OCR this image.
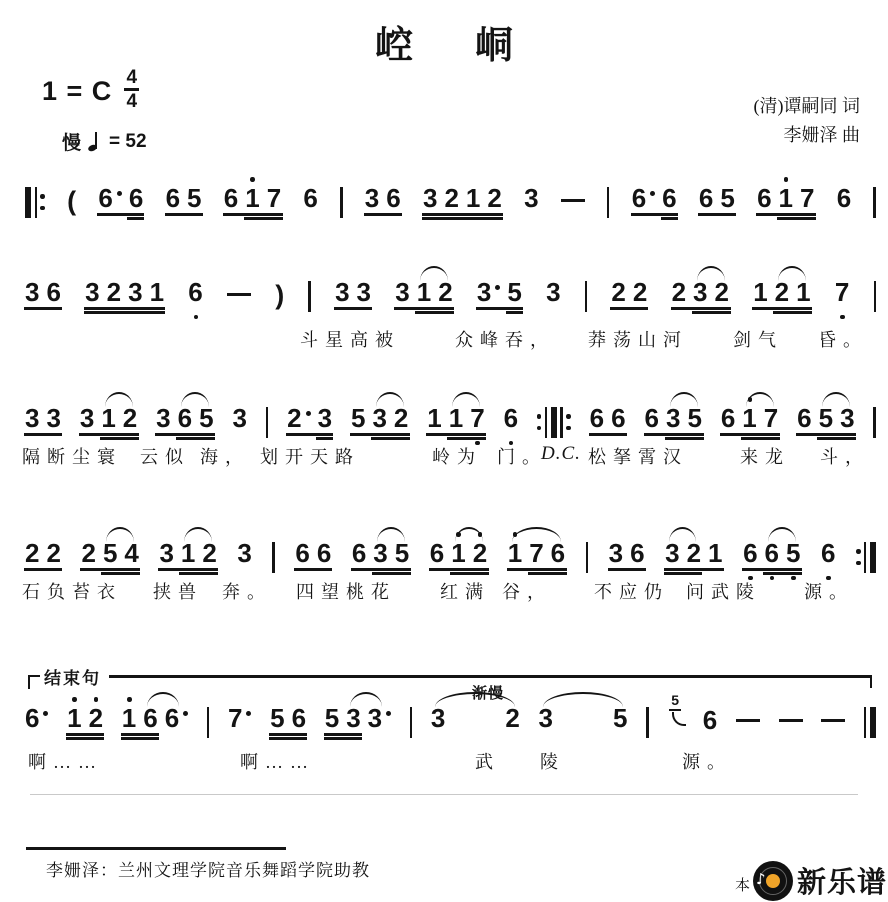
崆 峒
1 = C 4
4
慢 = 52
(清)谭嗣同 词
李姗泽 曲
( 6 6 6 5 6 1 7 6 3 6 3 2 1 2 3	6 6 6 5 6 1 7 6
3 6 3 2 3 1 6	) 3 3 3 1 2 3 5 3 2 2 2 3 2 1 2 1 7
斗星高被	众峰吞， 莽荡山河	剑气 昏。
3 3 3 1 2 3 6 5 3 2 3 5 3 2 1 1 7 6	6 6 6 3 5 6 1 7 6 5 3
隔断尘寰 云似 海， 划开天路	岭为 门。
D.C. 松拏霄汉	来龙 斗，
2 2 2 5 4 3 1 2 3 6 6 6 3 5 6 1 2 1 7 6 3 6 3 2 1 6 6 5 6
石负苔衣 挟兽 奔。 四望桃花 红满 谷， 不应仍 问武陵 源。
6	1 2 1 6 6	7	5 6 5 3 3	3 2 3 5
5
6
啊……	啊……	武 陵	源。
结束句
渐慢
李姗泽：兰州文理学院音乐舞蹈学院助教
本 ♪ 新乐谱
